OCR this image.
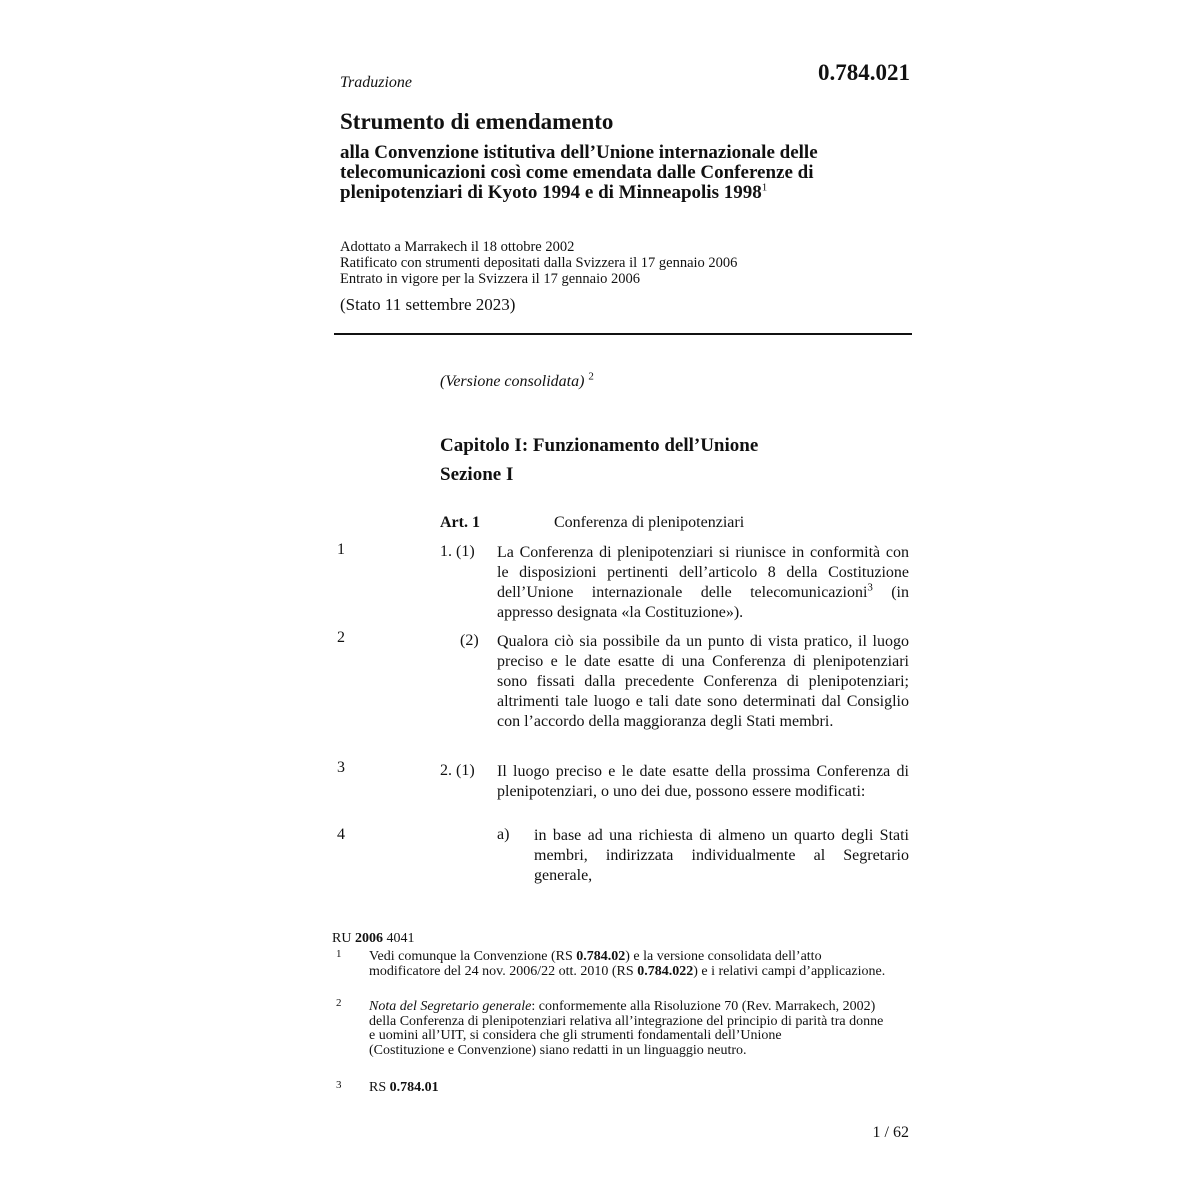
Traduzione	0.784.021
Strumento di emendamento
alla Convenzione istitutiva dell’Unione internazionale delle telecomunicazioni così come emendata dalle Conferenze di plenipotenziari di Kyoto 1994 e di Minneapolis 1998$^1$
Adottato a Marrakech il 18 ottobre 2002
Ratificato con strumenti depositati dalla Svizzera il 17 gennaio 2006
Entrato in vigore per la Svizzera il 17 gennaio 2006
(Stato 11 settembre 2023)
(Versione consolidata) $^2$
Capitolo I: Funzionamento dell’Unione
Sezione I
Art. 1	Conferenza di plenipotenziari
1	1. (1) La Conferenza di plenipotenziari si riunisce in conformità con le disposizioni pertinenti dell’articolo 8 della Costituzione dell’Unione internazionale delle telecomunicazioni$^3$ (in appresso designata «la Costituzione»).
2	(2) Qualora ciò sia possibile da un punto di vista pratico, il luogo preciso e le date esatte di una Conferenza di plenipotenziari sono fissati dalla precedente Conferenza di plenipotenziari; altrimenti tale luogo e tali date sono determinati dal Consiglio con l’accordo della maggioranza degli Stati membri.
3	2. (1) Il luogo preciso e le date esatte della prossima Conferenza di plenipotenziari, o uno dei due, possono essere modificati:
4	a) in base ad una richiesta di almeno un quarto degli Stati membri, indirizzata individualmente al Segretario generale,
RU 2006 4041
1 Vedi comunque la Convenzione (RS 0.784.02) e la versione consolidata dell’atto modificatore del 24 nov. 2006/22 ott. 2010 (RS 0.784.022) e i relativi campi d’applicazione.
2 Nota del Segretario generale: conformemente alla Risoluzione 70 (Rev. Marrakech, 2002) della Conferenza di plenipotenziari relativa all’integrazione del principio di parità tra donne e uomini all’UIT, si considera che gli strumenti fondamentali dell’Unione
(Costituzione e Convenzione) siano redatti in un linguaggio neutro.
3 RS 0.784.01
1 / 62
